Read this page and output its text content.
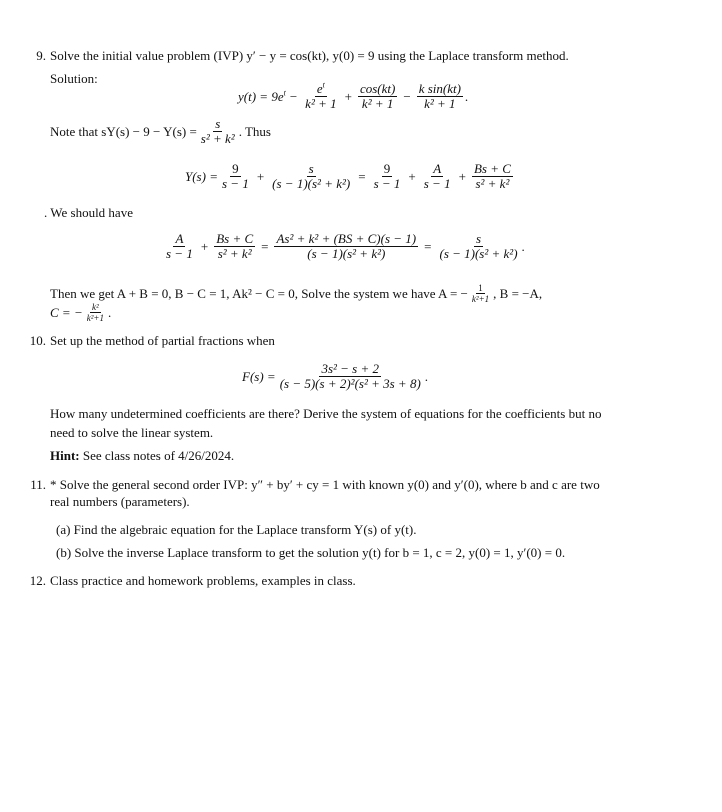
9. Solve the initial value problem (IVP) y′ − y = cos(kt), y(0) = 9 using the Laplace transform method.
Solution:
$y(t) = 9e^t - \frac{e^t}{\text{k² + 1}} + \frac{\cos(kt)}{\text{k² + 1}} - \frac{\text{k sin(kt)}}{\text{k² + 1}}$ .
Note that $sY(s) - 9 - Y(s) = \frac{s}{\text{s² + k²}}$ . Thus
$Y(s) = \frac{9}{s - 1} + \frac{s}{\text{(s − 1)(s² + k²)}} = \frac{9}{s - 1} + \frac{A}{s - 1} + \frac{Bs + C}{\text{s² + k²}}$
. We should have
$\frac{A}{s - 1} + \frac{Bs + C}{\text{s² + k²}} = \frac{\text{As² + k² + (BS + C)(s − 1)}}{\text{(s − 1)(s² + k²)}} = \frac{s}{\text{(s − 1)(s² + k²)}}$ .
Then we get A + B = 0, B − C = 1, Ak² − C = 0, Solve the system we have A = − $\frac{1}{\text{k²+1}}$ , B = −A,
C = − $\frac{\text{k²}}{\text{k²+1}}$ .
10. Set up the method of partial fractions when
$F(s) = \frac{\text{3s² − s + 2}}{\text{(s − 5)(s + 2)²(s² + 3s + 8)}}$ .
How many undetermined coefficients are there? Derive the system of equations for the coefficients but no
need to solve the linear system.
Hint: See class notes of 4/26/2024.
11. * Solve the general second order IVP: y″ + by′ + cy = 1 with known y(0) and y′(0), where b and c are two
real numbers (parameters).
(a) Find the algebraic equation for the Laplace transform Y(s) of y(t).
(b) Solve the inverse Laplace transform to get the solution y(t) for b = 1, c = 2, y(0) = 1, y′(0) = 0.
12. Class practice and homework problems, examples in class.
